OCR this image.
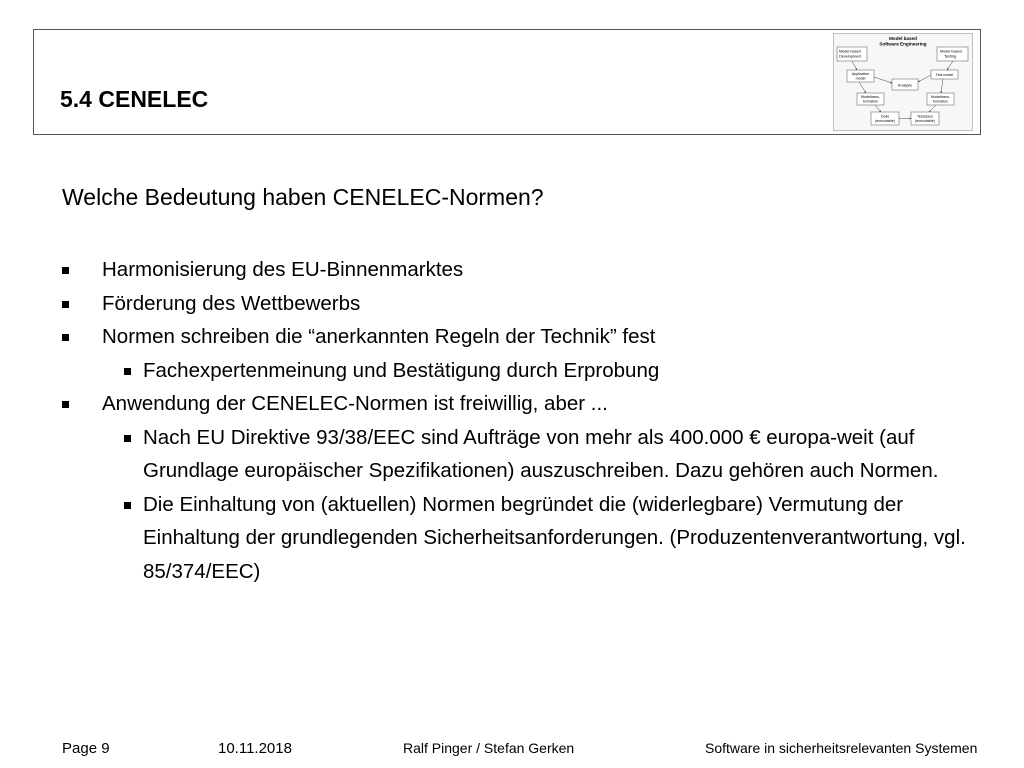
5.4 CENELEC
Model based
Software Engineering
Model based
Development
Model based
Testing
Application
model
Test model
Analysis
Modeltrans-
formation
Modeltrans-
formation
Code
(executable)
Testcases
(executable)

Welche Bedeutung haben CENELEC-Normen?

Harmonisierung des EU-Binnenmarktes
Förderung des Wettbewerbs
Normen schreiben die “anerkannten Regeln der Technik” fest
Fachexpertenmeinung und Bestätigung durch Erprobung
Anwendung der CENELEC-Normen ist freiwillig, aber ...
Nach EU Direktive 93/38/EEC sind Aufträge von mehr als 400.000 € europa-weit (auf Grundlage europäischer Spezifikationen) auszuschreiben. Dazu gehören auch Normen.
Die Einhaltung von (aktuellen) Normen begründet die (widerlegbare) Vermutung der Einhaltung der grundlegenden Sicherheitsanforderungen. (Produzentenverantwortung, vgl. 85/374/EEC)
Page 9	10.11.2018	Ralf Pinger / Stefan Gerken	Software in sicherheitsrelevanten Systemen
